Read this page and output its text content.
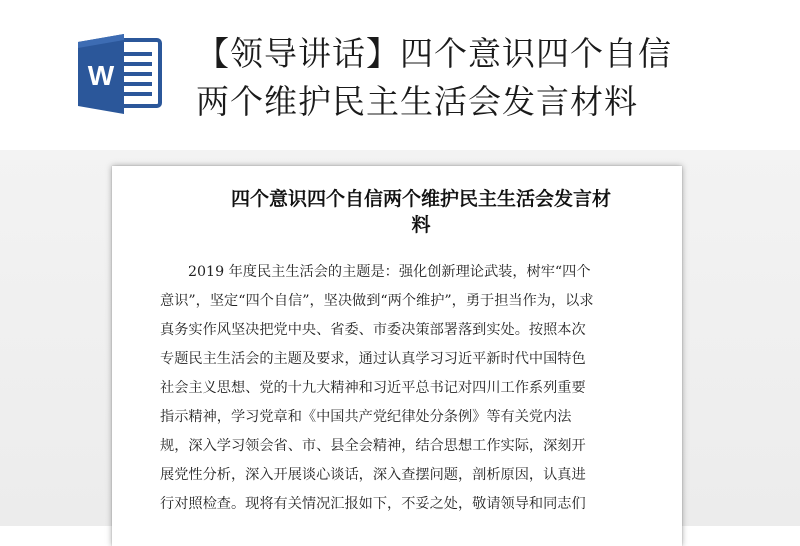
W
【领导讲话】四个意识四个自信
两个维护民主生活会发言材料
四个意识四个自信两个维护民主生活会发言材
料
2019 年度民主生活会的主题是：强化创新理论武装，树牢“四个
意识”，坚定“四个自信”，坚决做到“两个维护”，勇于担当作为，以求
真务实作风坚决把党中央、省委、市委决策部署落到实处。按照本次
专题民主生活会的主题及要求，通过认真学习习近平新时代中国特色
社会主义思想、党的十九大精神和习近平总书记对四川工作系列重要
指示精神，学习党章和《中国共产党纪律处分条例》等有关党内法
规，深入学习领会省、市、县全会精神，结合思想工作实际，深刻开
展党性分析，深入开展谈心谈话，深入查摆问题，剖析原因，认真进
行对照检查。现将有关情况汇报如下，不妥之处，敬请领导和同志们
